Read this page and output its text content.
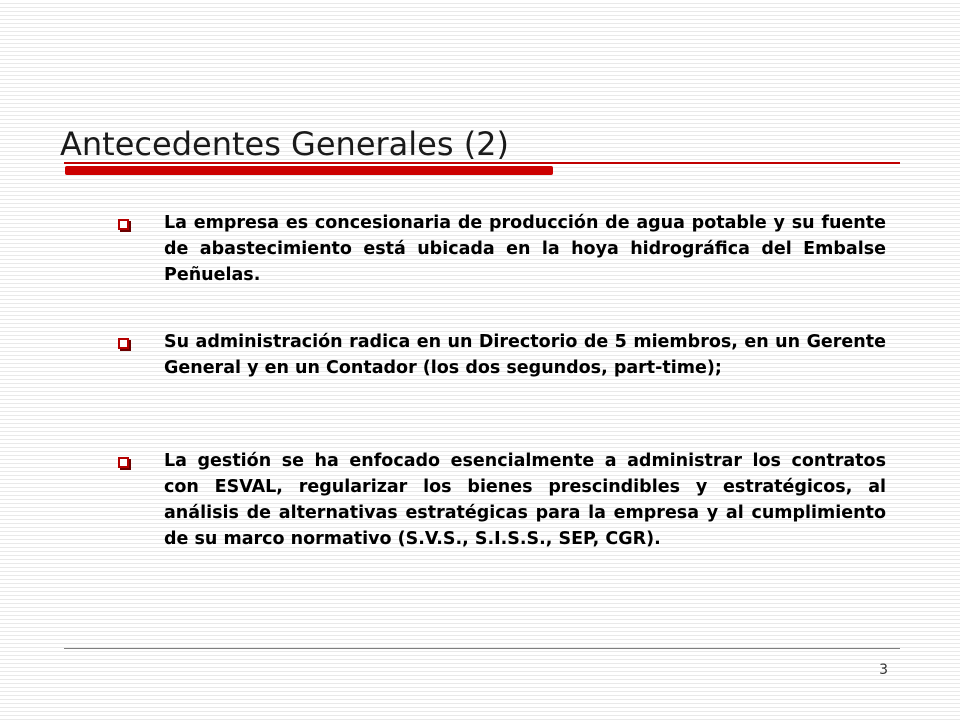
Antecedentes Generales (2)
La empresa es concesionaria de producción de agua potable y su fuente de abastecimiento está ubicada en la hoya hidrográfica del Embalse Peñuelas.
Su administración radica en un Directorio de 5 miembros, en un Gerente General y en un Contador (los dos segundos, part-time);
La gestión se ha enfocado esencialmente a administrar los contratos con ESVAL, regularizar los bienes prescindibles y estratégicos, al análisis de alternativas estratégicas para la empresa y al cumplimiento de su marco normativo (S.V.S., S.I.S.S., SEP, CGR).
3
